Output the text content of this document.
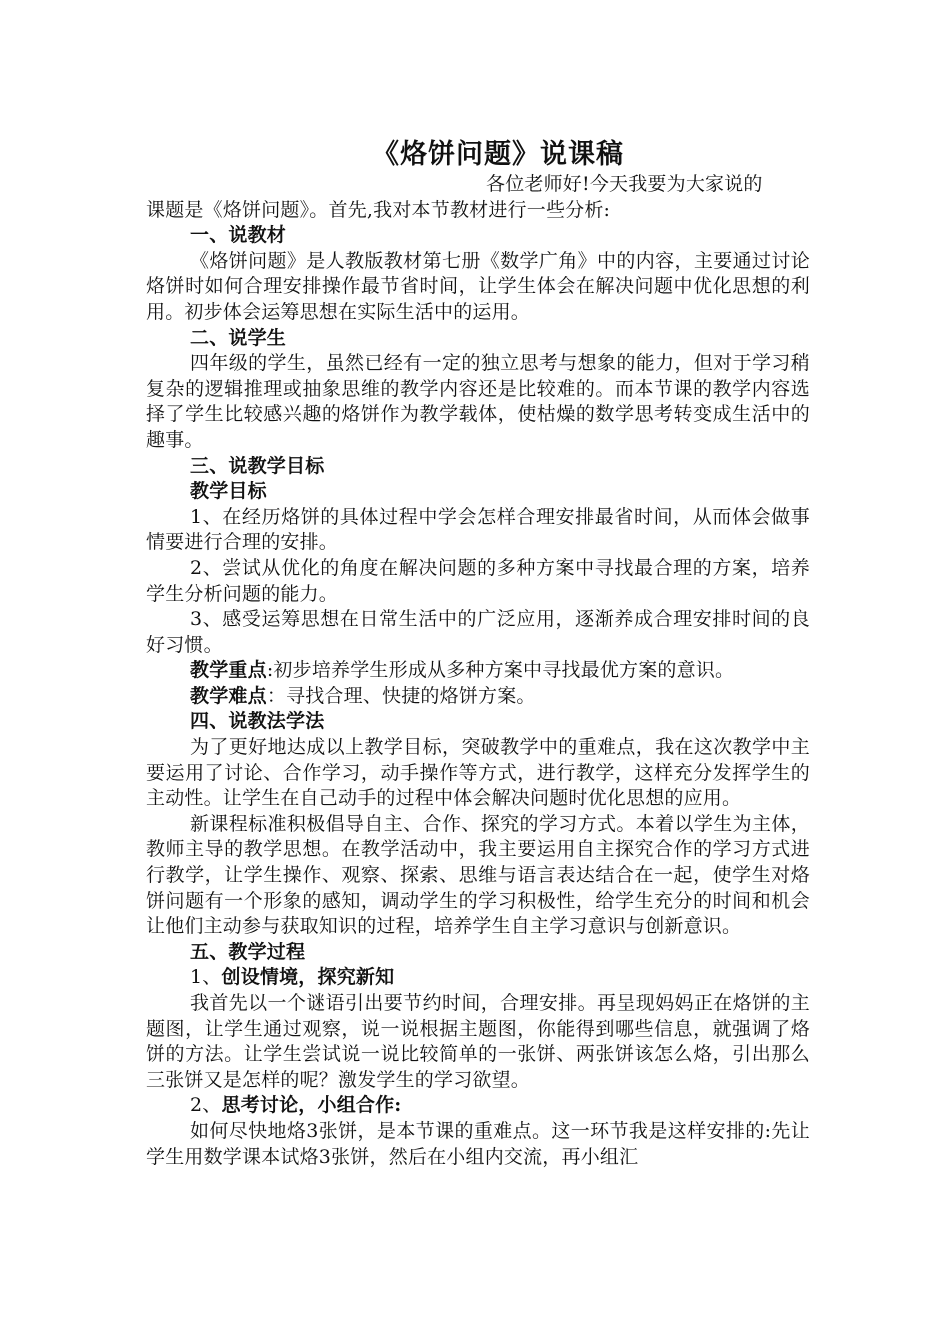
《烙饼问题》说课稿

各位老师好!今天我要为大家说的

课题是《烙饼问题》。首先,我对本节教材进行一些分析:

一、说教材

《烙饼问题》是人教版教材第七册《数学广角》中的内容，主要通过讨论烙饼时如何合理安排操作最节省时间，让学生体会在解决问题中优化思想的利用。初步体会运筹思想在实际生活中的运用。

二、说学生

四年级的学生，虽然已经有一定的独立思考与想象的能力，但对于学习稍复杂的逻辑推理或抽象思维的教学内容还是比较难的。而本节课的教学内容选择了学生比较感兴趣的烙饼作为教学载体，使枯燥的数学思考转变成生活中的趣事。

三、说教学目标

教学目标

1、在经历烙饼的具体过程中学会怎样合理安排最省时间，从而体会做事情要进行合理的安排。

2、尝试从优化的角度在解决问题的多种方案中寻找最合理的方案，培养学生分析问题的能力。

3、感受运筹思想在日常生活中的广泛应用，逐渐养成合理安排时间的良好习惯。

教学重点:初步培养学生形成从多种方案中寻找最优方案的意识。

教学难点：寻找合理、快捷的烙饼方案。

四、说教法学法

为了更好地达成以上教学目标，突破教学中的重难点，我在这次教学中主要运用了讨论、合作学习，动手操作等方式，进行教学，这样充分发挥学生的主动性。让学生在自己动手的过程中体会解决问题时优化思想的应用。

新课程标准积极倡导自主、合作、探究的学习方式。本着以学生为主体，教师主导的教学思想。在教学活动中，我主要运用自主探究合作的学习方式进行教学，让学生操作、观察、探索、思维与语言表达结合在一起，使学生对烙饼问题有一个形象的感知，调动学生的学习积极性，给学生充分的时间和机会让他们主动参与获取知识的过程，培养学生自主学习意识与创新意识。

五、教学过程

1、创设情境，探究新知

我首先以一个谜语引出要节约时间，合理安排。再呈现妈妈正在烙饼的主题图，让学生通过观察，说一说根据主题图，你能得到哪些信息，就强调了烙饼的方法。让学生尝试说一说比较简单的一张饼、两张饼该怎么烙，引出那么三张饼又是怎样的呢？激发学生的学习欲望。

2、思考讨论，小组合作:

如何尽快地烙3张饼，是本节课的重难点。这一环节我是这样安排的:先让学生用数学课本试烙3张饼，然后在小组内交流，再小组汇
